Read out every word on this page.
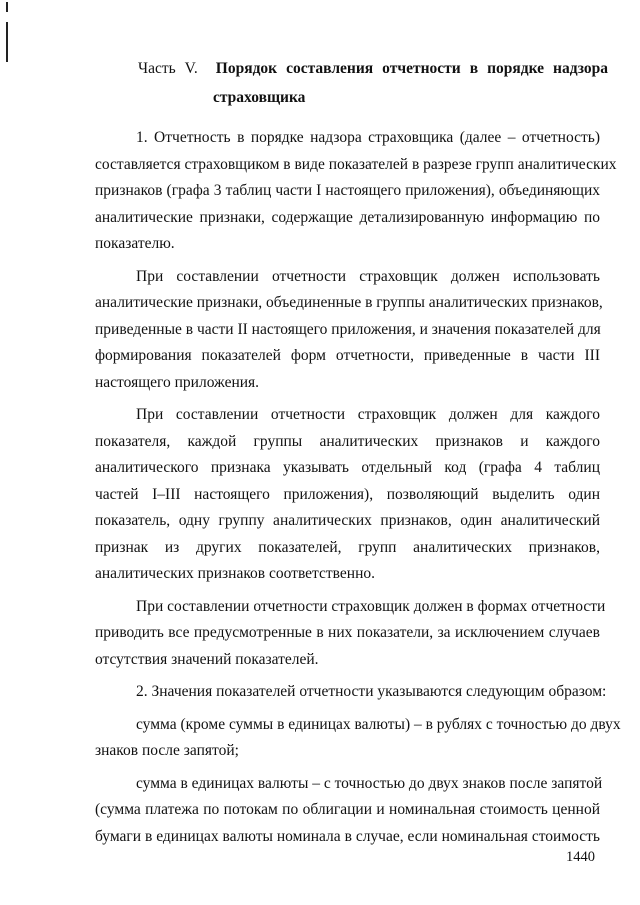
Часть V. Порядок составления отчетности в порядке надзора
страховщика
1. Отчетность в порядке надзора страховщика (далее – отчетность)
составляется страховщиком в виде показателей в разрезе групп аналитических
признаков (графа 3 таблиц части I настоящего приложения), объединяющих
аналитические признаки, содержащие детализированную информацию по
показателю.
При составлении отчетности страховщик должен использовать
аналитические признаки, объединенные в группы аналитических признаков,
приведенные в части II настоящего приложения, и значения показателей для
формирования показателей форм отчетности, приведенные в части III
настоящего приложения.
При составлении отчетности страховщик должен для каждого
показателя, каждой группы аналитических признаков и каждого
аналитического признака указывать отдельный код (графа 4 таблиц
частей I–III настоящего приложения), позволяющий выделить один
показатель, одну группу аналитических признаков, один аналитический
признак из других показателей, групп аналитических признаков,
аналитических признаков соответственно.
При составлении отчетности страховщик должен в формах отчетности
приводить все предусмотренные в них показатели, за исключением случаев
отсутствия значений показателей.
2. Значения показателей отчетности указываются следующим образом:
сумма (кроме суммы в единицах валюты) – в рублях с точностью до двух
знаков после запятой;
сумма в единицах валюты – с точностью до двух знаков после запятой
(сумма платежа по потокам по облигации и номинальная стоимость ценной
бумаги в единицах валюты номинала в случае, если номинальная стоимость
1440
